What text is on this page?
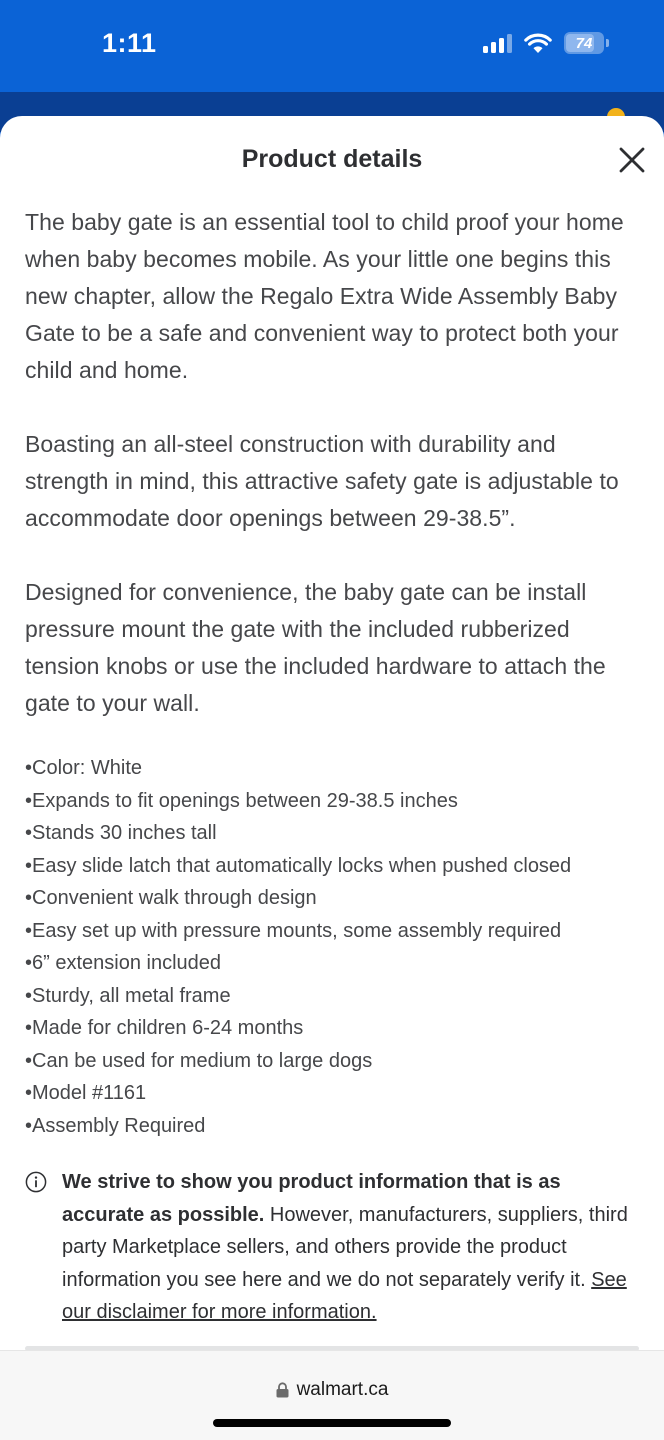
1:11	74
Product details

The baby gate is an essential tool to child proof your home when baby becomes mobile. As your little one begins this new chapter, allow the Regalo Extra Wide Assembly Baby Gate to be a safe and convenient way to protect both your child and home.

Boasting an all-steel construction with durability and strength in mind, this attractive safety gate is adjustable to accommodate door openings between 29-38.5”.

Designed for convenience, the baby gate can be install pressure mount the gate with the included rubberized tension knobs or use the included hardware to attach the gate to your wall.

•Color: White
•Expands to fit openings between 29-38.5 inches
•Stands 30 inches tall
•Easy slide latch that automatically locks when pushed closed
•Convenient walk through design
•Easy set up with pressure mounts, some assembly required
•6” extension included
•Sturdy, all metal frame
•Made for children 6-24 months
•Can be used for medium to large dogs
•Model #1161
•Assembly Required
We strive to show you product information that is as accurate as possible. However, manufacturers, suppliers, third party Marketplace sellers, and others provide the product information you see here and we do not separately verify it. See our disclaimer for more information.
walmart.ca
